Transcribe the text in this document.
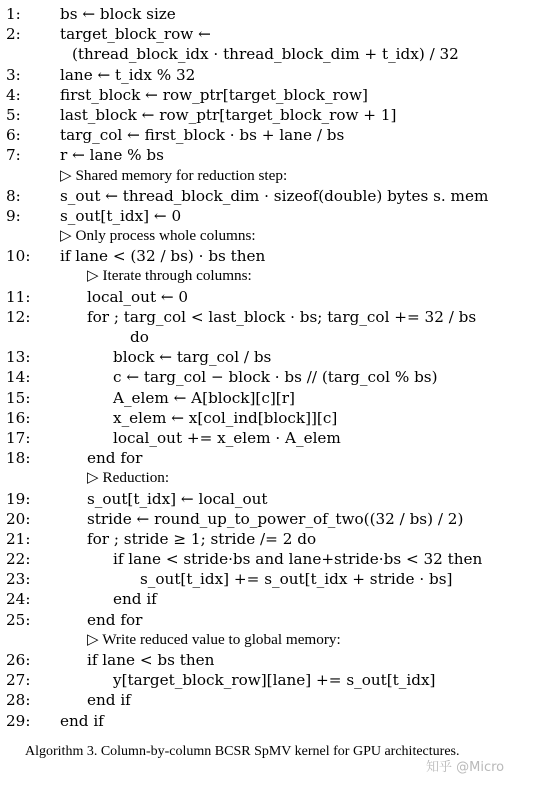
1:	bs ← block size
2:	target_block_row ←
(thread_block_idx · thread_block_dim + t_idx) / 32
3:	lane ← t_idx % 32
4:	first_block ← row_ptr[target_block_row]
5:	last_block ← row_ptr[target_block_row + 1]
6:	targ_col ← first_block · bs + lane / bs
7:	r ← lane % bs
▷ Shared memory for reduction step:
8:	s_out ← thread_block_dim · sizeof(double) bytes s. mem
9:	s_out[t_idx] ← 0
▷ Only process whole columns:
10:	if lane < (32 / bs) · bs then
▷ Iterate through columns:
11:	local_out ← 0
12:	for ; targ_col < last_block · bs; targ_col += 32 / bs
do
13:	block ← targ_col / bs
14:	c ← targ_col − block · bs // (targ_col % bs)
15:	A_elem ← A[block][c][r]
16:	x_elem ← x[col_ind[block]][c]
17:	local_out += x_elem · A_elem
18:	end for
▷ Reduction:
19:	s_out[t_idx] ← local_out
20:	stride ← round_up_to_power_of_two((32 / bs) / 2)
21:	for ; stride ≥ 1; stride /= 2 do
22:	if lane < stride·bs and lane+stride·bs < 32 then
23:	s_out[t_idx] += s_out[t_idx + stride · bs]
24:	end if
25:	end for
▷ Write reduced value to global memory:
26:	if lane < bs then
27:	y[target_block_row][lane] += s_out[t_idx]
28:	end if
29:	end if
Algorithm 3. Column-by-column BCSR SpMV kernel for GPU architectures.
知乎 @Micro
